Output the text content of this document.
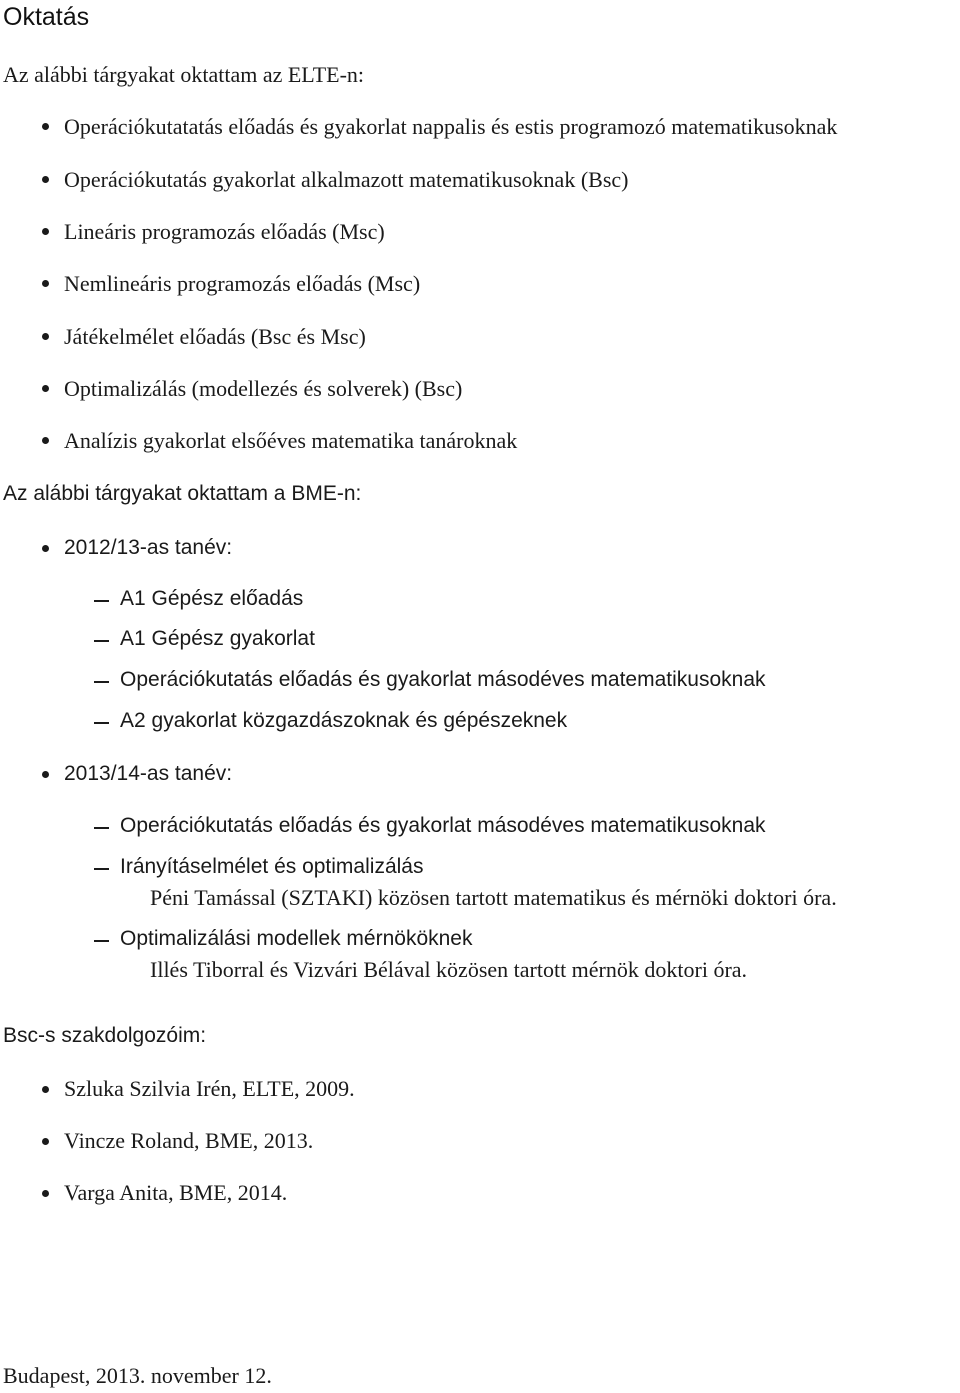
Oktatás
Az alábbi tárgyakat oktattam az ELTE-n:
Operációkutatatás előadás és gyakorlat nappalis és estis programozó matematikusoknak
Operációkutatás gyakorlat alkalmazott matematikusoknak (Bsc)
Lineáris programozás előadás (Msc)
Nemlineáris programozás előadás (Msc)
Játékelmélet előadás (Bsc és Msc)
Optimalizálás (modellezés és solverek) (Bsc)
Analízis gyakorlat elsőéves matematika tanároknak
Az alábbi tárgyakat oktattam a BME-n:
2012/13-as tanév:
A1 Gépész előadás
A1 Gépész gyakorlat
Operációkutatás előadás és gyakorlat másodéves matematikusoknak
A2 gyakorlat közgazdászoknak és gépészeknek
2013/14-as tanév:
Operációkutatás előadás és gyakorlat másodéves matematikusoknak
Irányításelmélet és optimalizálás
Péni Tamással (SZTAKI) közösen tartott matematikus és mérnöki doktori óra.
Optimalizálási modellek mérnököknek
Illés Tiborral és Vizvári Bélával közösen tartott mérnök doktori óra.
Bsc-s szakdolgozóim:
Szluka Szilvia Irén, ELTE, 2009.
Vincze Roland, BME, 2013.
Varga Anita, BME, 2014.
Budapest, 2013. november 12.
